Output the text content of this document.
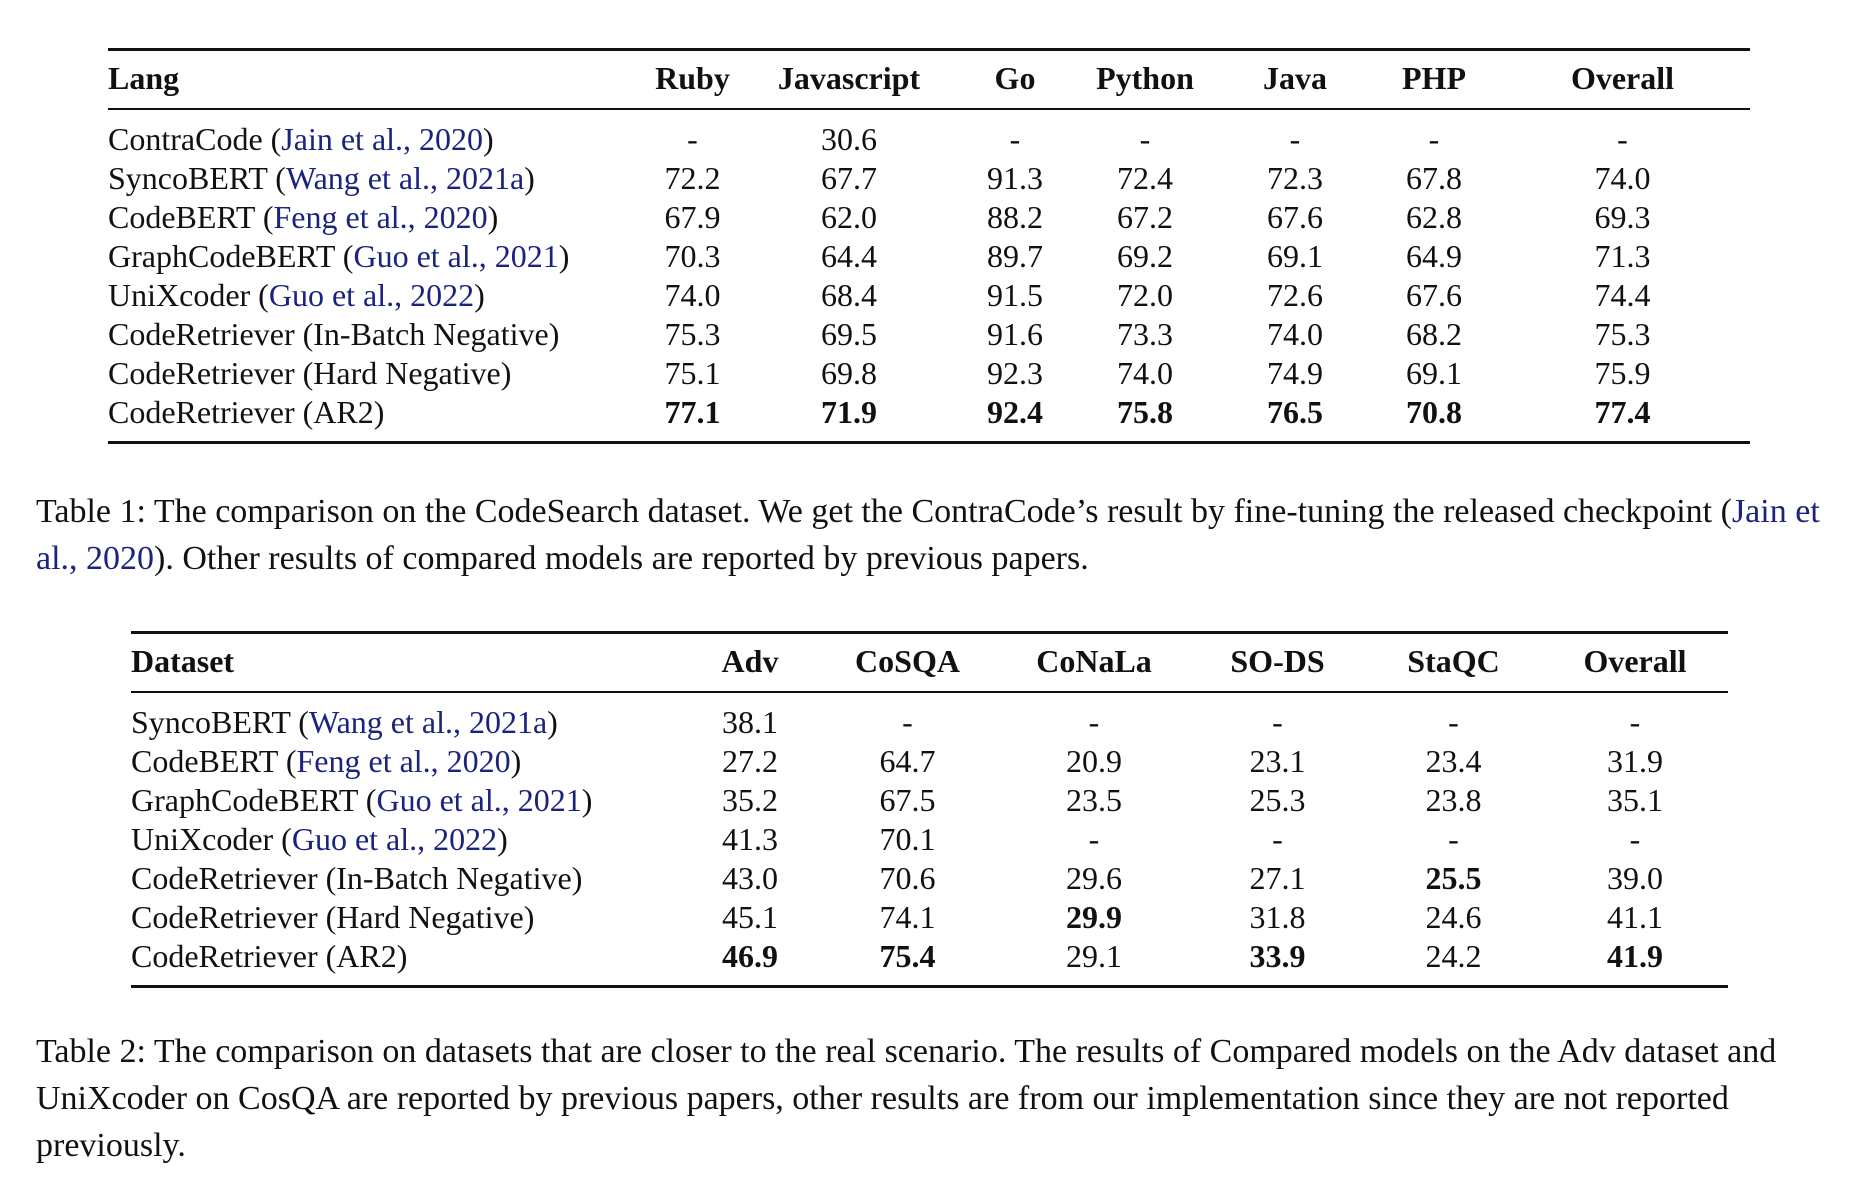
Lang	Ruby	Javascript	Go	Python	Java	PHP	Overall
ContraCode (Jain et al., 2020)	-	30.6	-	-	-	-	-
SyncoBERT (Wang et al., 2021a)	72.2	67.7	91.3	72.4	72.3	67.8	74.0
CodeBERT (Feng et al., 2020)	67.9	62.0	88.2	67.2	67.6	62.8	69.3
GraphCodeBERT (Guo et al., 2021)	70.3	64.4	89.7	69.2	69.1	64.9	71.3
UniXcoder (Guo et al., 2022)	74.0	68.4	91.5	72.0	72.6	67.6	74.4
CodeRetriever (In-Batch Negative)	75.3	69.5	91.6	73.3	74.0	68.2	75.3
CodeRetriever (Hard Negative)	75.1	69.8	92.3	74.0	74.9	69.1	75.9
CodeRetriever (AR2)	77.1	71.9	92.4	75.8	76.5	70.8	77.4

Table 1: The comparison on the CodeSearch dataset. We get the ContraCode’s result by fine-tuning the released checkpoint (Jain et al., 2020). Other results of compared models are reported by previous papers.

Dataset	Adv	CoSQA	CoNaLa	SO-DS	StaQC	Overall
SyncoBERT (Wang et al., 2021a)	38.1	-	-	-	-	-
CodeBERT (Feng et al., 2020)	27.2	64.7	20.9	23.1	23.4	31.9
GraphCodeBERT (Guo et al., 2021)	35.2	67.5	23.5	25.3	23.8	35.1
UniXcoder (Guo et al., 2022)	41.3	70.1	-	-	-	-
CodeRetriever (In-Batch Negative)	43.0	70.6	29.6	27.1	25.5	39.0
CodeRetriever (Hard Negative)	45.1	74.1	29.9	31.8	24.6	41.1
CodeRetriever (AR2)	46.9	75.4	29.1	33.9	24.2	41.9

Table 2: The comparison on datasets that are closer to the real scenario. The results of Compared models on the Adv dataset and UniXcoder on CosQA are reported by previous papers, other results are from our implementation since they are not reported previously.
